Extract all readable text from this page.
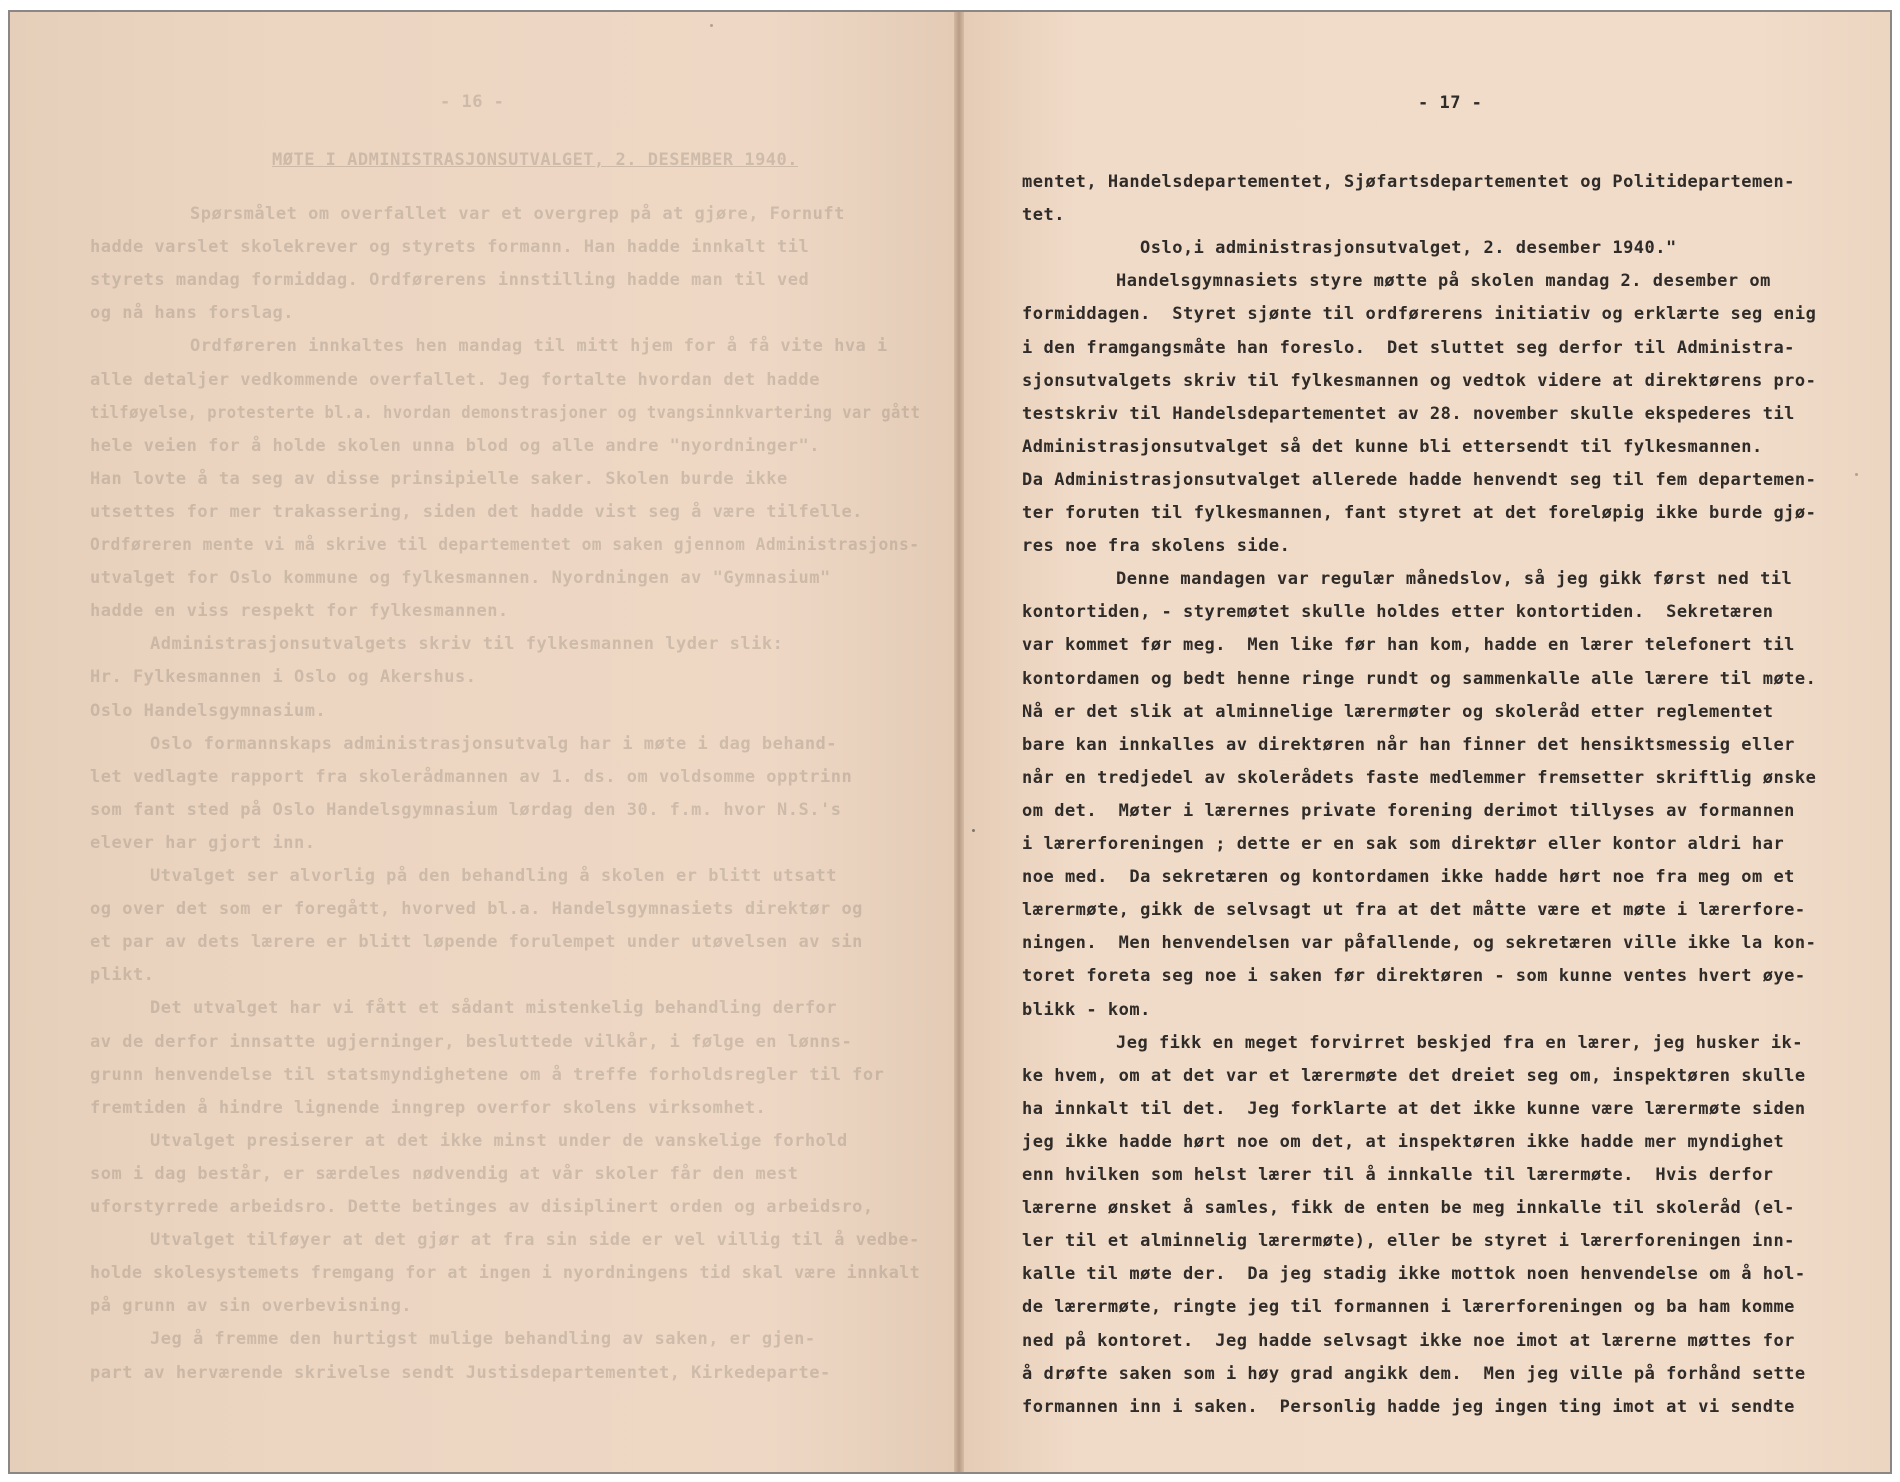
- 16 -
MØTE I ADMINISTRASJONSUTVALGET, 2. DESEMBER 1940.
Spørsmålet om overfallet var et overgrep på at gjøre, Fornuft
hadde varslet skolekrever og styrets formann. Han hadde innkalt til
styrets mandag formiddag. Ordførerens innstilling hadde man til ved
og nå hans forslag.
Ordføreren innkaltes hen mandag til mitt hjem for å få vite hva i
alle detaljer vedkommende overfallet. Jeg fortalte hvordan det hadde
tilføyelse, protesterte bl.a. hvordan demonstrasjoner og tvangsinnkvartering var gått
hele veien for å holde skolen unna blod og alle andre "nyordninger".
Han lovte å ta seg av disse prinsipielle saker. Skolen burde ikke
utsettes for mer trakassering, siden det hadde vist seg å være tilfelle.
Ordføreren mente vi må skrive til departementet om saken gjennom Administrasjons-
utvalget for Oslo kommune og fylkesmannen. Nyordningen av "Gymnasium"
hadde en viss respekt for fylkesmannen.
Administrasjonsutvalgets skriv til fylkesmannen lyder slik:
Hr. Fylkesmannen i Oslo og Akershus.
Oslo Handelsgymnasium.
Oslo formannskaps administrasjonsutvalg har i møte i dag behand-
let vedlagte rapport fra skolerådmannen av 1. ds. om voldsomme opptrinn
som fant sted på Oslo Handelsgymnasium lørdag den 30. f.m. hvor N.S.'s
elever har gjort inn.
Utvalget ser alvorlig på den behandling å skolen er blitt utsatt
og over det som er foregått, hvorved bl.a. Handelsgymnasiets direktør og
et par av dets lærere er blitt løpende forulempet under utøvelsen av sin
plikt.
Det utvalget har vi fått et sådant mistenkelig behandling derfor
av de derfor innsatte ugjerninger, besluttede vilkår, i følge en lønns-
grunn henvendelse til statsmyndighetene om å treffe forholdsregler til for
fremtiden å hindre lignende inngrep overfor skolens virksomhet.
Utvalget presiserer at det ikke minst under de vanskelige forhold
som i dag består, er særdeles nødvendig at vår skoler får den mest
uforstyrrede arbeidsro. Dette betinges av disiplinert orden og arbeidsro,
Utvalget tilføyer at det gjør at fra sin side er vel villig til å vedbe-
holde skolesystemets fremgang for at ingen i nyordningens tid skal være innkalt
på grunn av sin overbevisning.
Jeg å fremme den hurtigst mulige behandling av saken, er gjen-
part av herværende skrivelse sendt Justisdepartementet, Kirkedeparte-
- 17 -
mentet, Handelsdepartementet, Sjøfartsdepartementet og Politidepartemen-
tet.
Oslo,i administrasjonsutvalget, 2. desember 1940."
Handelsgymnasiets styre møtte på skolen mandag 2. desember om
formiddagen.  Styret sjønte til ordførerens initiativ og erklærte seg enig
i den framgangsmåte han foreslo.  Det sluttet seg derfor til Administra-
sjonsutvalgets skriv til fylkesmannen og vedtok videre at direktørens pro-
testskriv til Handelsdepartementet av 28. november skulle ekspederes til
Administrasjonsutvalget så det kunne bli ettersendt til fylkesmannen.
Da Administrasjonsutvalget allerede hadde henvendt seg til fem departemen-
ter foruten til fylkesmannen, fant styret at det foreløpig ikke burde gjø-
res noe fra skolens side.
Denne mandagen var regulær månedslov, så jeg gikk først ned til
kontortiden, - styremøtet skulle holdes etter kontortiden.  Sekretæren
var kommet før meg.  Men like før han kom, hadde en lærer telefonert til
kontordamen og bedt henne ringe rundt og sammenkalle alle lærere til møte.
Nå er det slik at alminnelige lærermøter og skoleråd etter reglementet
bare kan innkalles av direktøren når han finner det hensiktsmessig eller
når en tredjedel av skolerådets faste medlemmer fremsetter skriftlig ønske
om det.  Møter i lærernes private forening derimot tillyses av formannen
i lærerforeningen ; dette er en sak som direktør eller kontor aldri har
noe med.  Da sekretæren og kontordamen ikke hadde hørt noe fra meg om et
lærermøte, gikk de selvsagt ut fra at det måtte være et møte i lærerfore-
ningen.  Men henvendelsen var påfallende, og sekretæren ville ikke la kon-
toret foreta seg noe i saken før direktøren - som kunne ventes hvert øye-
blikk - kom.
Jeg fikk en meget forvirret beskjed fra en lærer, jeg husker ik-
ke hvem, om at det var et lærermøte det dreiet seg om, inspektøren skulle
ha innkalt til det.  Jeg forklarte at det ikke kunne være lærermøte siden
jeg ikke hadde hørt noe om det, at inspektøren ikke hadde mer myndighet
enn hvilken som helst lærer til å innkalle til lærermøte.  Hvis derfor
lærerne ønsket å samles, fikk de enten be meg innkalle til skoleråd (el-
ler til et alminnelig lærermøte), eller be styret i lærerforeningen inn-
kalle til møte der.  Da jeg stadig ikke mottok noen henvendelse om å hol-
de lærermøte, ringte jeg til formannen i lærerforeningen og ba ham komme
ned på kontoret.  Jeg hadde selvsagt ikke noe imot at lærerne møttes for
å drøfte saken som i høy grad angikk dem.  Men jeg ville på forhånd sette
formannen inn i saken.  Personlig hadde jeg ingen ting imot at vi sendte
